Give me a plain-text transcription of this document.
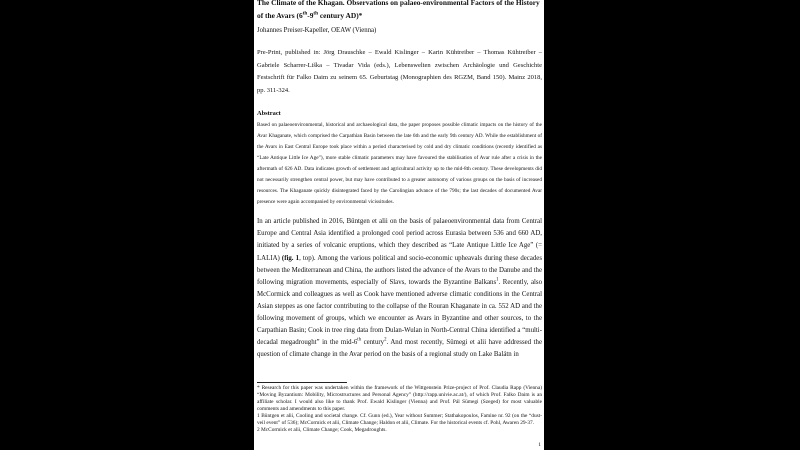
The Climate of the Khagan. Observations on palaeo-environmental Factors of the History of the Avars (6th-9th century AD)*

Johannes Preiser-Kapeller, OEAW (Vienna)

Pre-Print, published in: Jörg Drauschke – Ewald Kislinger – Karin Kühtreiber – Thomas Kühtreiber – Gabriele Scharrer-Liška – Tivadar Vida (eds.), Lebenswelten zwischen Archäologie und Geschichte Festschrift für Falko Daim zu seinem 65. Geburtstag (Monographien des RGZM, Band 150). Mainz 2018, pp. 311-324.

Abstract

Based on palaeoenvironmental, historical and archaeological data, the paper proposes possible climatic impacts on the history of the Avar Khaganate, which comprised the Carpathian Basin between the late 6th and the early 9th century AD. While the establishment of the Avars in East Central Europe took place within a period characterised by cold and dry climatic conditions (recently identified as “Late Antique Little Ice Age”), more stable climatic parameters may have favoured the stabilisation of Avar rule after a crisis in the aftermath of 626 AD. Data indicates growth of settlement and agricultural activity up to the mid-8th century. These developments did not necessarily strengthen central power, but may have contributed to a greater autonomy of various groups on the basis of increased resources. The Khaganate quickly disintegrated faced by the Carolingian advance of the 790s; the last decades of documented Avar presence were again accompanied by environmental vicissitudes.

In an article published in 2016, Büntgen et alii on the basis of palaeoenvironmental data from Central Europe and Central Asia identified a prolonged cool period across Eurasia between 536 and 660 AD, initiated by a series of volcanic eruptions, which they described as “Late Antique Little Ice Age” (= LALIA) (fig. 1, top). Among the various political and socio-economic upheavals during these decades between the Mediterranean and China, the authors listed the advance of the Avars to the Danube and the following migration movements, especially of Slavs, towards the Byzantine Balkans$^1$. Recently, also McCormick and colleagues as well as Cook have mentioned adverse climatic conditions in the Central Asian steppes as one factor contributing to the collapse of the Rouran Khaganate in ca. 552 AD and the following movement of groups, which we encounter as Avars in Byzantine and other sources, to the Carpathian Basin; Cook in tree ring data from Dulan-Wulan in North-Central China identified a “multi-decadal megadrought” in the mid-6th century$^2$. And most recently, Sümegi et alii have addressed the question of climate change in the Avar period on the basis of a regional study on Lake Balátn in

* Research for this paper was undertaken within the framework of the Wittgenstein Prize-project of Prof. Claudia Rapp (Vienna) “Moving Byzantium: Mobility, Microstructures and Personal Agency” (http://rapp.univie.ac.at/), of which Prof. Falko Daim is an affiliate scholar. I would also like to thank Prof. Ewald Kislinger (Vienna) and Prof. Pál Sümegi (Szeged) for most valuable comments and amendments to this paper.

1 Büntgen et alii, Cooling and societal change. Cf. Gunn (ed.), Year without Summer; Stathakopoulos, Famine nr. 92 (on the “dust-veil event” of 536); McCormick et alii, Climate Change; Haldon et alii, Climate. For the historical events cf. Pohl, Awaren 29-37.

2 McCormick et alii, Climate Change; Cook, Megadroughts.

1
